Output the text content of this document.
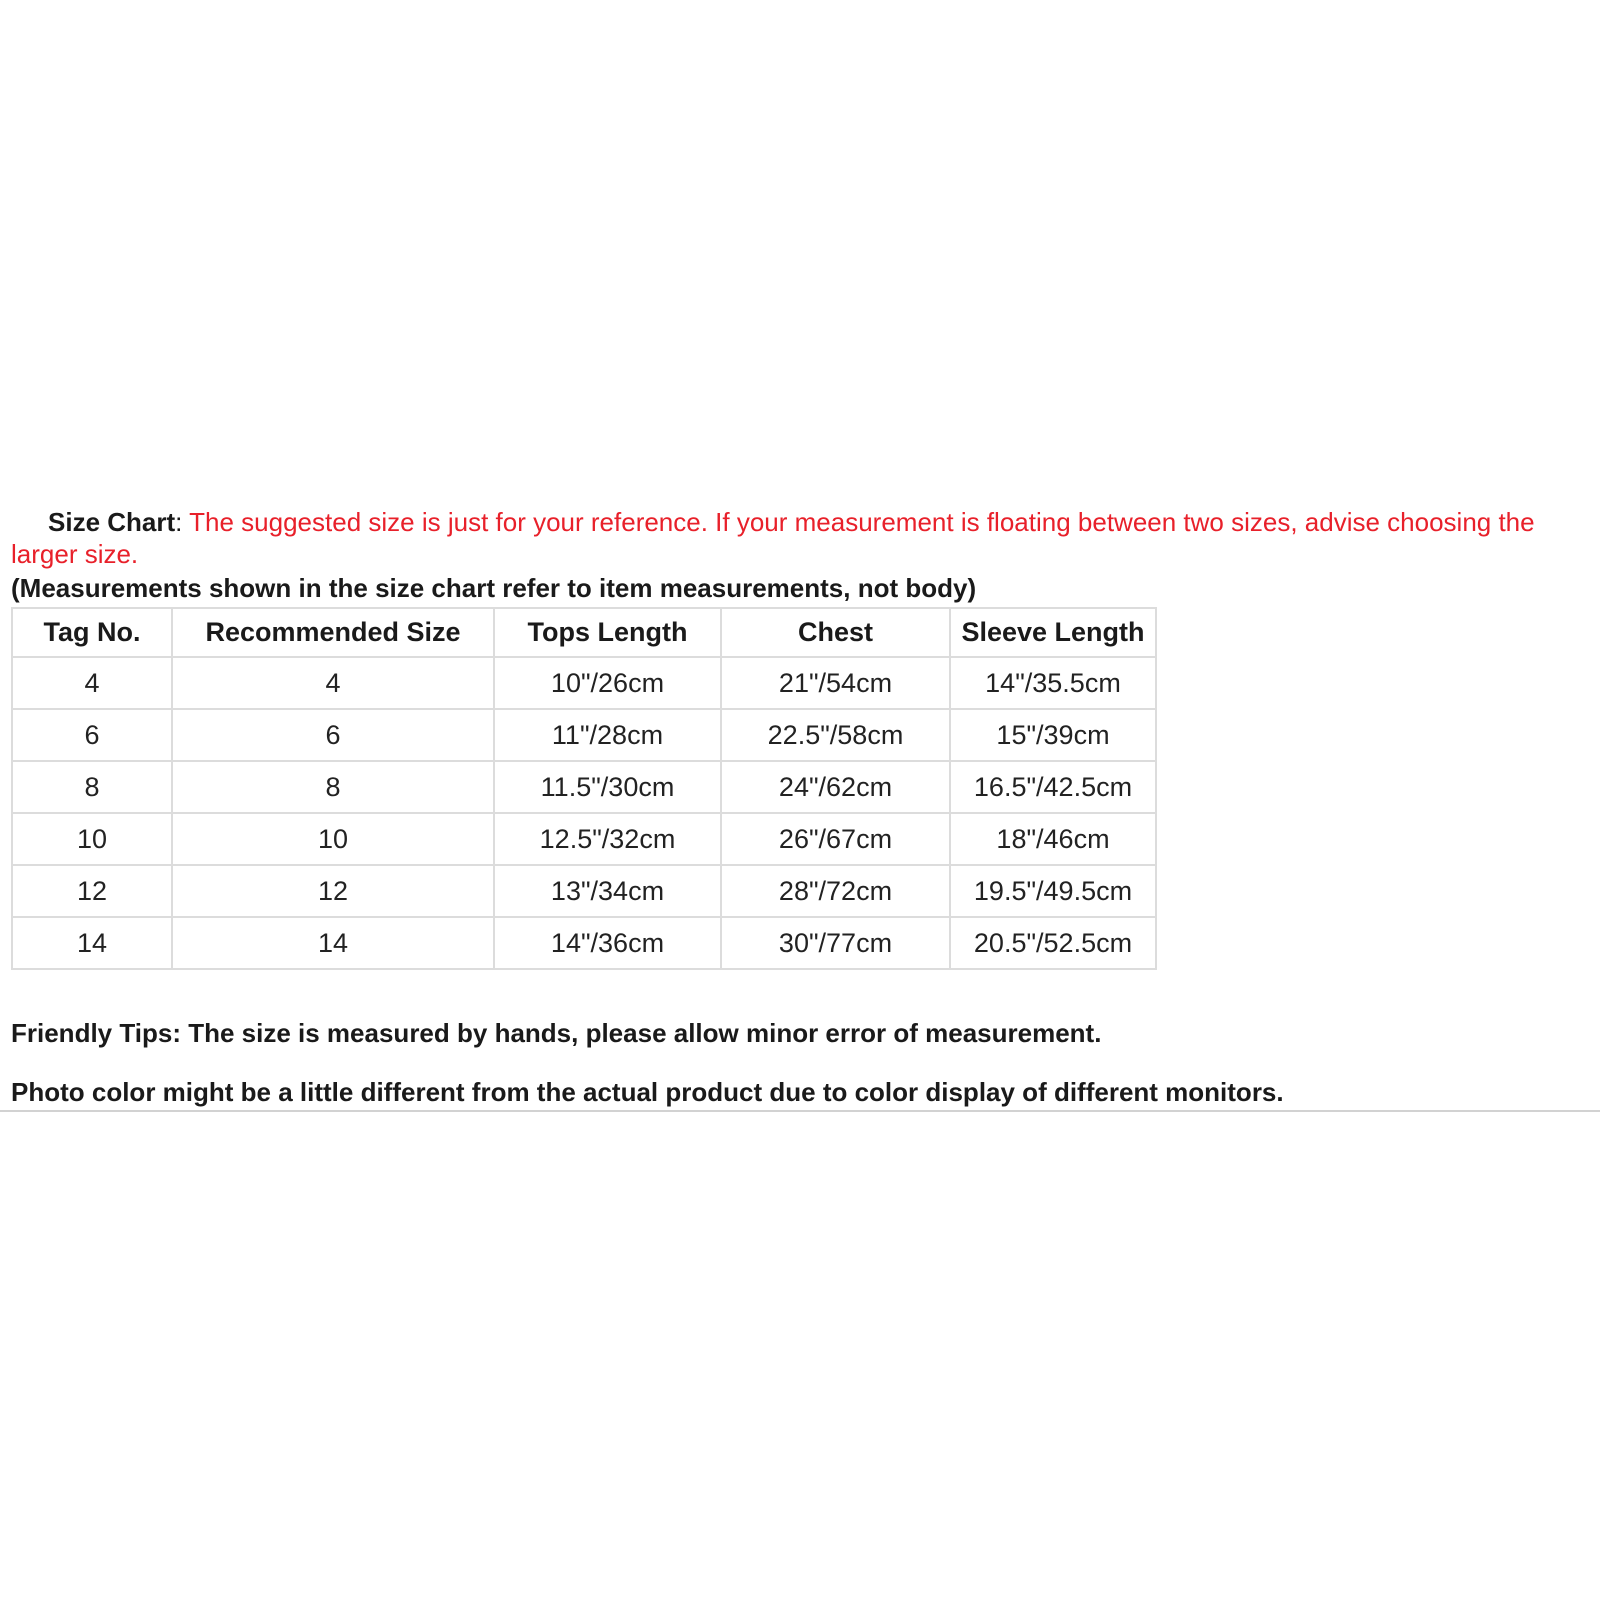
Size Chart: The suggested size is just for your reference. If your measurement is floating between two sizes, advise choosing the larger size.

(Measurements shown in the size chart refer to item measurements, not body)

Tag No.	Recommended Size	Tops Length	Chest	Sleeve Length
4	4	10"/26cm	21"/54cm	14"/35.5cm
6	6	11"/28cm	22.5"/58cm	15"/39cm
8	8	11.5"/30cm	24"/62cm	16.5"/42.5cm
10	10	12.5"/32cm	26"/67cm	18"/46cm
12	12	13"/34cm	28"/72cm	19.5"/49.5cm
14	14	14"/36cm	30"/77cm	20.5"/52.5cm

Friendly Tips: The size is measured by hands, please allow minor error of measurement.

Photo color might be a little different from the actual product due to color display of different monitors.
